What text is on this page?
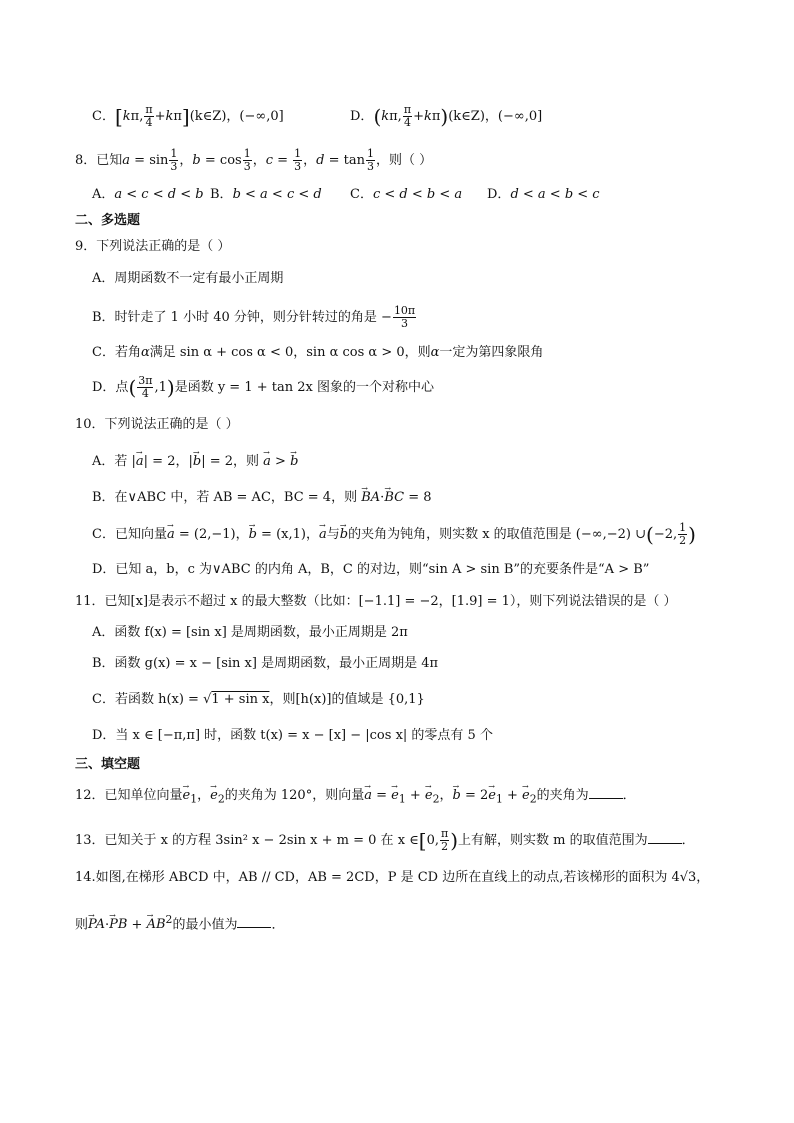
C．[kπ, $\frac{\pi}{4}$ +kπ](k∈Z)，(−∞,0]	D．(kπ, $\frac{\pi}{4}$ +kπ)(k∈Z)，(−∞,0]
8．已知$a = \sin \frac{1}{3}$ ，$b = \cos \frac{1}{3}$ ，$c = \frac{1}{3}$ ，$d = \tan \frac{1}{3}$ ，则（ ）
A．a < c < d < b B．b < a < c < d C．c < d < b < a D．d < a < b < c
二、多选题
9．下列说法正确的是（ ）
A．周期函数不一定有最小正周期
B．时针走了 1 小时 40 分钟，则分针转过的角是 − $\frac{10\pi}{3}$
C．若角α满足 sin α + cos α < 0，sin α cos α > 0，则α一定为第四象限角
D．点( $\frac{3\pi}{4} ,1$)是函数 y = 1 + tan 2x 图象的一个对称中心
10．下列说法正确的是（ ）
A．若 |→ a| = 2，|→ b| = 2，则 → a > → b
B．在∨ABC 中，若 AB = AC，BC = 4，则 → BA·→ BC = 8
C．已知向量→ a = (2,−1)，→ b = (x,1)，→ a与→ b的夹角为钝角，则实数 x 的取值范围是 (−∞,−2) ∪(−2, $\frac{1}{2}$ )
D．已知 a，b，c 为∨ABC 的内角 A，B，C 的对边，则“sin A > sin B”的充要条件是“A > B”
11．已知[x]是表示不超过 x 的最大整数（比如：[−1.1] = −2，[1.9] = 1），则下列说法错误的是（ ）
A．函数 f(x) = [sin x] 是周期函数，最小正周期是 2π
B．函数 g(x) = x − [sin x] 是周期函数，最小正周期是 4π
C．若函数 h(x) = √1 + sin x，则[h(x)]的值域是 {0,1}
D．当 x ∈ [−π,π] 时，函数 t(x) = x − [x] − |cos x| 的零点有 5 个
三、填空题
12．已知单位向量→ $e_1$，→ $e_2$的夹角为 120°，则向量→ a = → $e_1$ + → $e_2$，→ $b = 2\to e_1$ + → $e_2$的夹角为	．
13．已知关于 x 的方程 3sin² x − 2sin x + m = 0 在 x ∈[0, $\frac{\pi}{2}$ )上有解，则实数 m 的取值范围为	．
14.如图,在梯形 ABCD 中，AB // CD，AB = 2CD，P 是 CD 边所在直线上的动点,若该梯形的面积为 4√3，
则→ PA·→ PB + → $AB^2$的最小值为	．
